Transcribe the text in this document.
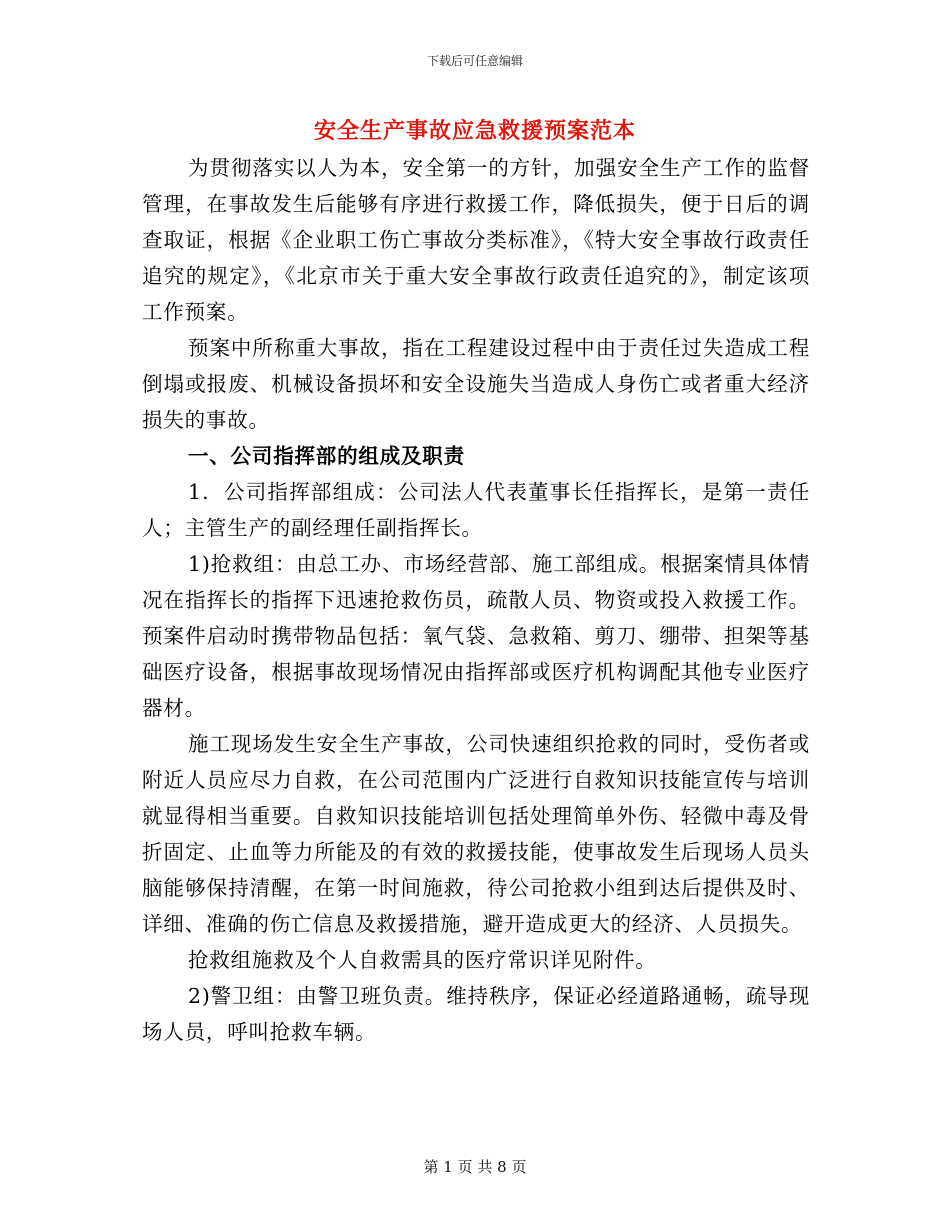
下载后可任意编辑
安全生产事故应急救援预案范本

为贯彻落实以人为本，安全第一的方针，加强安全生产工作的监督管理，在事故发生后能够有序进行救援工作，降低损失，便于日后的调查取证，根据《企业职工伤亡事故分类标准》，《特大安全事故行政责任追究的规定》，《北京市关于重大安全事故行政责任追究的》，制定该项工作预案。

预案中所称重大事故，指在工程建设过程中由于责任过失造成工程倒塌或报废、机械设备损坏和安全设施失当造成人身伤亡或者重大经济损失的事故。

一、公司指挥部的组成及职责

1．公司指挥部组成：公司法人代表董事长任指挥长，是第一责任人；主管生产的副经理任副指挥长。

1)抢救组：由总工办、市场经营部、施工部组成。根据案情具体情况在指挥长的指挥下迅速抢救伤员，疏散人员、物资或投入救援工作。预案件启动时携带物品包括：氧气袋、急救箱、剪刀、绷带、担架等基础医疗设备，根据事故现场情况由指挥部或医疗机构调配其他专业医疗器材。

施工现场发生安全生产事故，公司快速组织抢救的同时，受伤者或附近人员应尽力自救，在公司范围内广泛进行自救知识技能宣传与培训就显得相当重要。自救知识技能培训包括处理简单外伤、轻微中毒及骨折固定、止血等力所能及的有效的救援技能，使事故发生后现场人员头脑能够保持清醒，在第一时间施救，待公司抢救小组到达后提供及时、详细、准确的伤亡信息及救援措施，避开造成更大的经济、人员损失。

抢救组施救及个人自救需具的医疗常识详见附件。

2)警卫组：由警卫班负责。维持秩序，保证必经道路通畅，疏导现场人员，呼叫抢救车辆。

第 1 页 共 8 页
